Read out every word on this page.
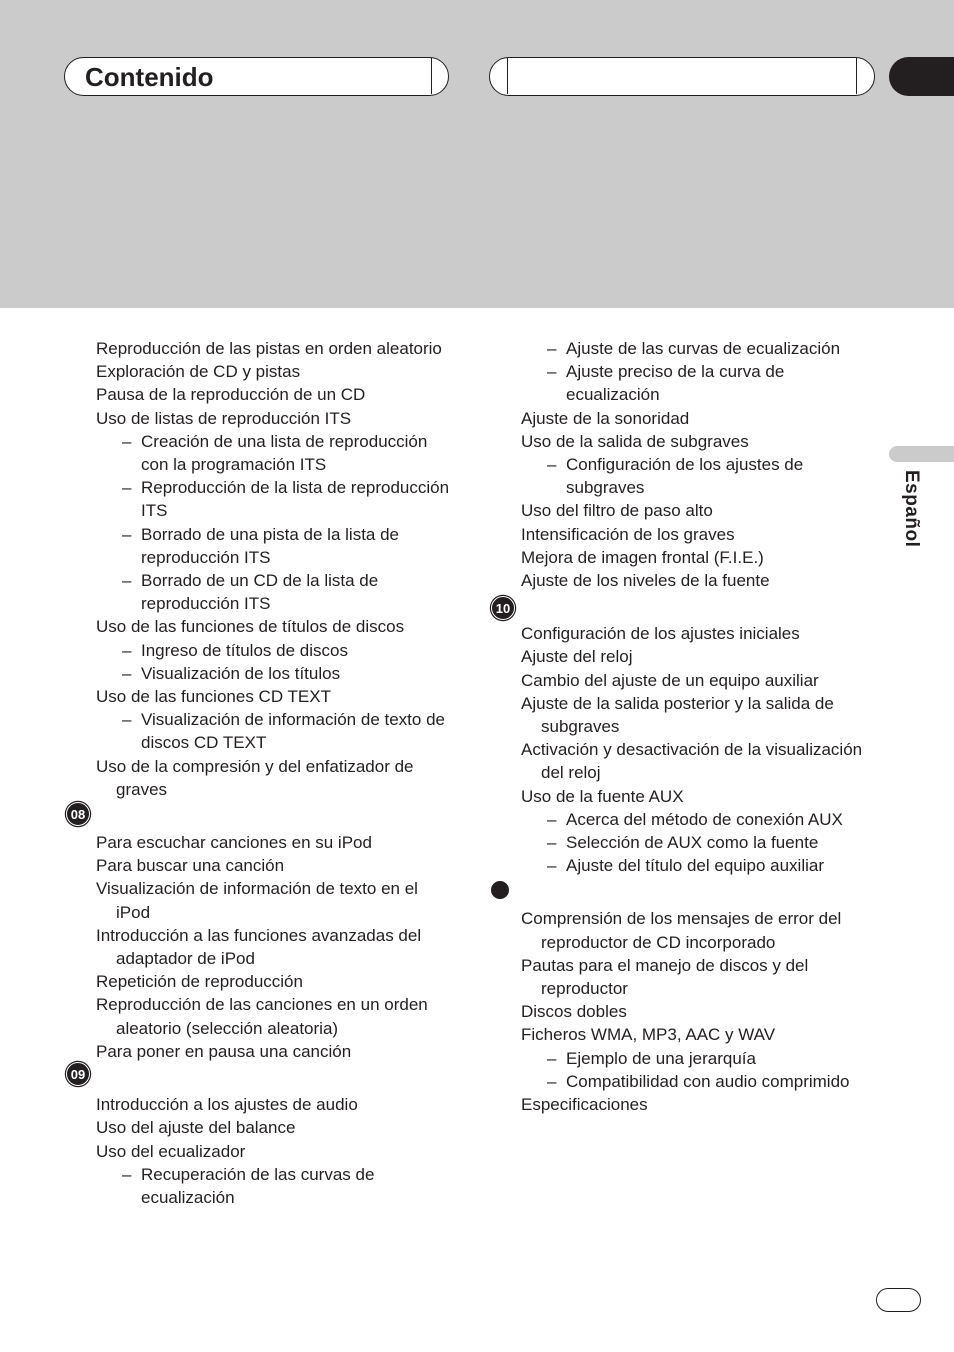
Contenido
Español
Reproducción de las pistas en orden aleatorio
Exploración de CD y pistas
Pausa de la reproducción de un CD
Uso de listas de reproducción ITS
– Creación de una lista de reproducción con la programación ITS
– Reproducción de la lista de reproducción ITS
– Borrado de una pista de la lista de reproducción ITS
– Borrado de un CD de la lista de reproducción ITS
Uso de las funciones de títulos de discos
– Ingreso de títulos de discos
– Visualización de los títulos
Uso de las funciones CD TEXT
– Visualización de información de texto de discos CD TEXT
Uso de la compresión y del enfatizador de graves
08
Para escuchar canciones en su iPod
Para buscar una canción
Visualización de información de texto en el iPod
Introducción a las funciones avanzadas del adaptador de iPod
Repetición de reproducción
Reproducción de las canciones en un orden aleatorio (selección aleatoria)
Para poner en pausa una canción
09
Introducción a los ajustes de audio
Uso del ajuste del balance
Uso del ecualizador
– Recuperación de las curvas de ecualización
– Ajuste de las curvas de ecualización
– Ajuste preciso de la curva de ecualización
Ajuste de la sonoridad
Uso de la salida de subgraves
– Configuración de los ajustes de subgraves
Uso del filtro de paso alto
Intensificación de los graves
Mejora de imagen frontal (F.I.E.)
Ajuste de los niveles de la fuente
10
Configuración de los ajustes iniciales
Ajuste del reloj
Cambio del ajuste de un equipo auxiliar
Ajuste de la salida posterior y la salida de subgraves
Activación y desactivación de la visualización del reloj
Uso de la fuente AUX
– Acerca del método de conexión AUX
– Selección de AUX como la fuente
– Ajuste del título del equipo auxiliar
Comprensión de los mensajes de error del reproductor de CD incorporado
Pautas para el manejo de discos y del reproductor
Discos dobles
Ficheros WMA, MP3, AAC y WAV
– Ejemplo de una jerarquía
– Compatibilidad con audio comprimido
Especificaciones
